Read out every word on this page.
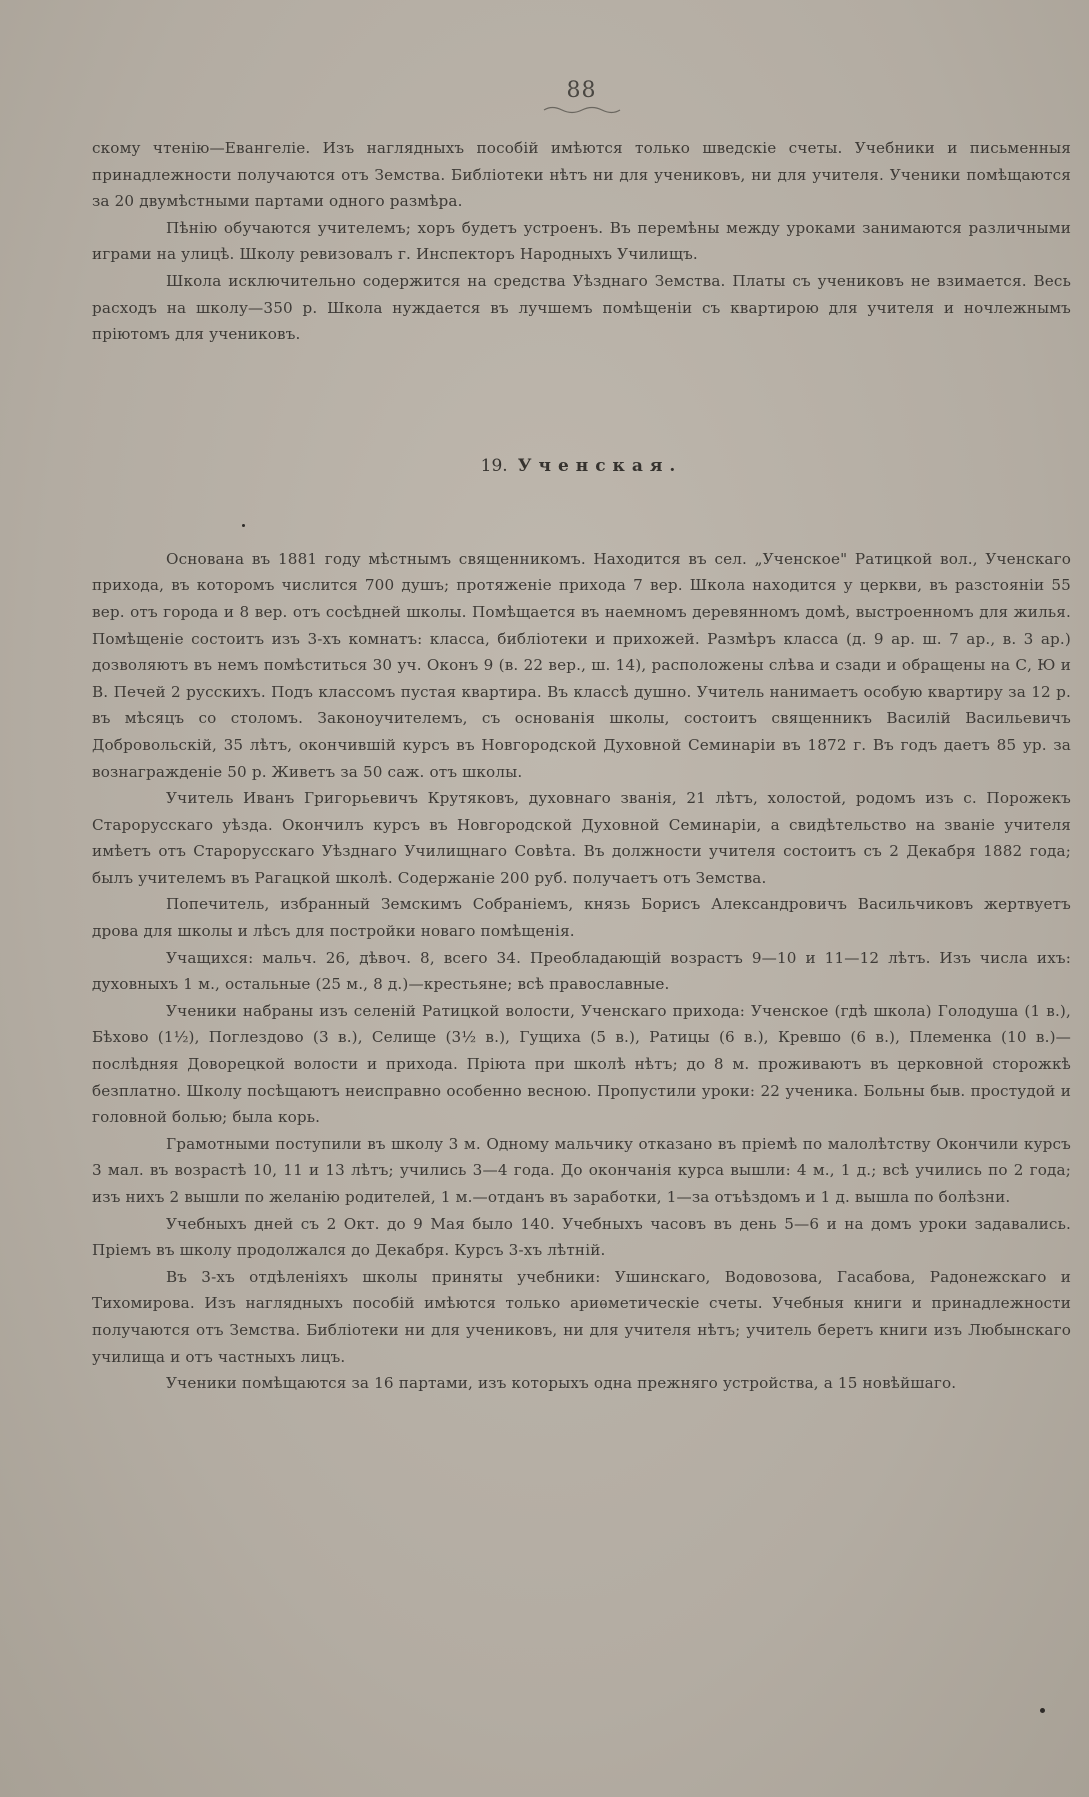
88

скому чтенію—Евангеліе. Изъ наглядныхъ пособій имѣются только шведскіе счеты. Учебники и письменныя принадлежности получаются отъ Земства. Библіотеки нѣтъ ни для учениковъ, ни для учителя. Ученики помѣщаются за 20 двумѣстными партами одного размѣра.

Пѣнію обучаются учителемъ; хоръ будетъ устроенъ. Въ перемѣны между уроками занимаются различными играми на улицѣ. Школу ревизовалъ г. Инспекторъ Народныхъ Училищъ.

Школа исключительно содержится на средства Уѣзднаго Земства. Платы съ учениковъ не взимается. Весь расходъ на школу—350 р. Школа нуждается въ лучшемъ помѣщеніи съ квартирою для учителя и ночлежнымъ пріютомъ для учениковъ.

19. Ученская.

Основана въ 1881 году мѣстнымъ священникомъ. Находится въ сел. „Ученское" Ратицкой вол., Ученскаго прихода, въ которомъ числится 700 душъ; протяженіе прихода 7 вер. Школа находится у церкви, въ разстояніи 55 вер. отъ города и 8 вер. отъ сосѣдней школы. Помѣщается въ наемномъ деревянномъ домѣ, выстроенномъ для жилья. Помѣщеніе состоитъ изъ 3-хъ комнатъ: класса, библіотеки и прихожей. Размѣръ класса (д. 9 ар. ш. 7 ар., в. 3 ар.) дозволяютъ въ немъ помѣститься 30 уч. Оконъ 9 (в. 22 вер., ш. 14), расположены слѣва и сзади и обращены на С, Ю и В. Печей 2 русскихъ. Подъ классомъ пустая квартира. Въ классѣ душно. Учитель нанимаетъ особую квартиру за 12 р. въ мѣсяцъ со столомъ. Законоучителемъ, съ основанія школы, состоитъ священникъ Василій Васильевичъ Добровольскій, 35 лѣтъ, окончившій курсъ въ Новгородской Духовной Семинаріи въ 1872 г. Въ годъ даетъ 85 ур. за вознагражденіе 50 р. Живетъ за 50 саж. отъ школы.

Учитель Иванъ Григорьевичъ Крутяковъ, духовнаго званія, 21 лѣтъ, холостой, родомъ изъ с. Порожекъ Старорусскаго уѣзда. Окончилъ курсъ въ Новгородской Духовной Семинаріи, а свидѣтельство на званіе учителя имѣетъ отъ Старорусскаго Уѣзднаго Училищнаго Совѣта. Въ должности учителя состоитъ съ 2 Декабря 1882 года; былъ учителемъ въ Рагацкой школѣ. Содержаніе 200 руб. получаетъ отъ Земства.

Попечитель, избранный Земскимъ Собраніемъ, князь Борисъ Александровичъ Васильчиковъ жертвуетъ дрова для школы и лѣсъ для постройки новаго помѣщенія.

Учащихся: мальч. 26, дѣвоч. 8, всего 34. Преобладающій возрастъ 9—10 и 11—12 лѣтъ. Изъ числа ихъ: духовныхъ 1 м., остальные (25 м., 8 д.)—крестьяне; всѣ православные.

Ученики набраны изъ селеній Ратицкой волости, Ученскаго прихода: Ученское (гдѣ школа) Голодуша (1 в.), Бѣхово (1½), Поглездово (3 в.), Селище (3½ в.), Гущиха (5 в.), Ратицы (6 в.), Кревшо (6 в.), Племенка (10 в.)—послѣдняя Доворецкой волости и прихода. Пріюта при школѣ нѣтъ; до 8 м. проживаютъ въ церковной сторожкѣ безплатно. Школу посѣщаютъ неисправно особенно весною. Пропустили уроки: 22 ученика. Больны быв. простудой и головной болью; была корь.

Грамотными поступили въ школу 3 м. Одному мальчику отказано въ пріемѣ по малолѣтству Окончили курсъ 3 мал. въ возрастѣ 10, 11 и 13 лѣтъ; учились 3—4 года. До окончанія курса вышли: 4 м., 1 д.; всѣ учились по 2 года; изъ нихъ 2 вышли по желанію родителей, 1 м.—отданъ въ заработки, 1—за отъѣздомъ и 1 д. вышла по болѣзни.

Учебныхъ дней съ 2 Окт. до 9 Мая было 140. Учебныхъ часовъ въ день 5—6 и на домъ уроки задавались. Пріемъ въ школу продолжался до Декабря. Курсъ 3-хъ лѣтній.

Въ 3-хъ отдѣленіяхъ школы приняты учебники: Ушинскаго, Водовозова, Гасабова, Радонежскаго и Тихомирова. Изъ наглядныхъ пособій имѣются только ариѳметическіе счеты. Учебныя книги и принадлежности получаются отъ Земства. Библіотеки ни для учениковъ, ни для учителя нѣтъ; учитель беретъ книги изъ Любынскаго училища и отъ частныхъ лицъ.

Ученики помѣщаются за 16 партами, изъ которыхъ одна прежняго устройства, а 15 новѣйшаго.
